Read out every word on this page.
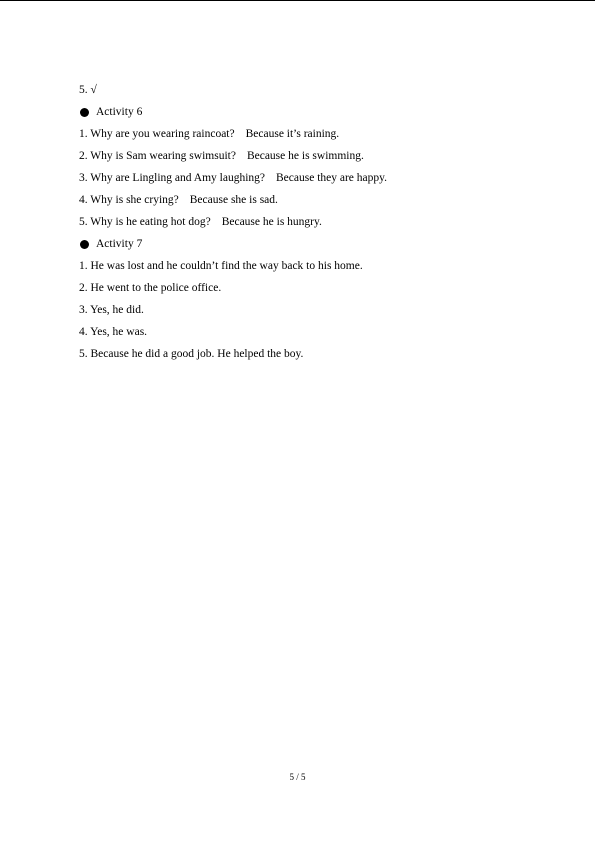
5. √
Activity 6
1. Why are you wearing raincoat? Because it’s raining.
2. Why is Sam wearing swimsuit? Because he is swimming.
3. Why are Lingling and Amy laughing? Because they are happy.
4. Why is she crying? Because she is sad.
5. Why is he eating hot dog? Because he is hungry.
Activity 7
1. He was lost and he couldn’t find the way back to his home.
2. He went to the police office.
3. Yes, he did.
4. Yes, he was.
5. Because he did a good job. He helped the boy.
5 / 5
